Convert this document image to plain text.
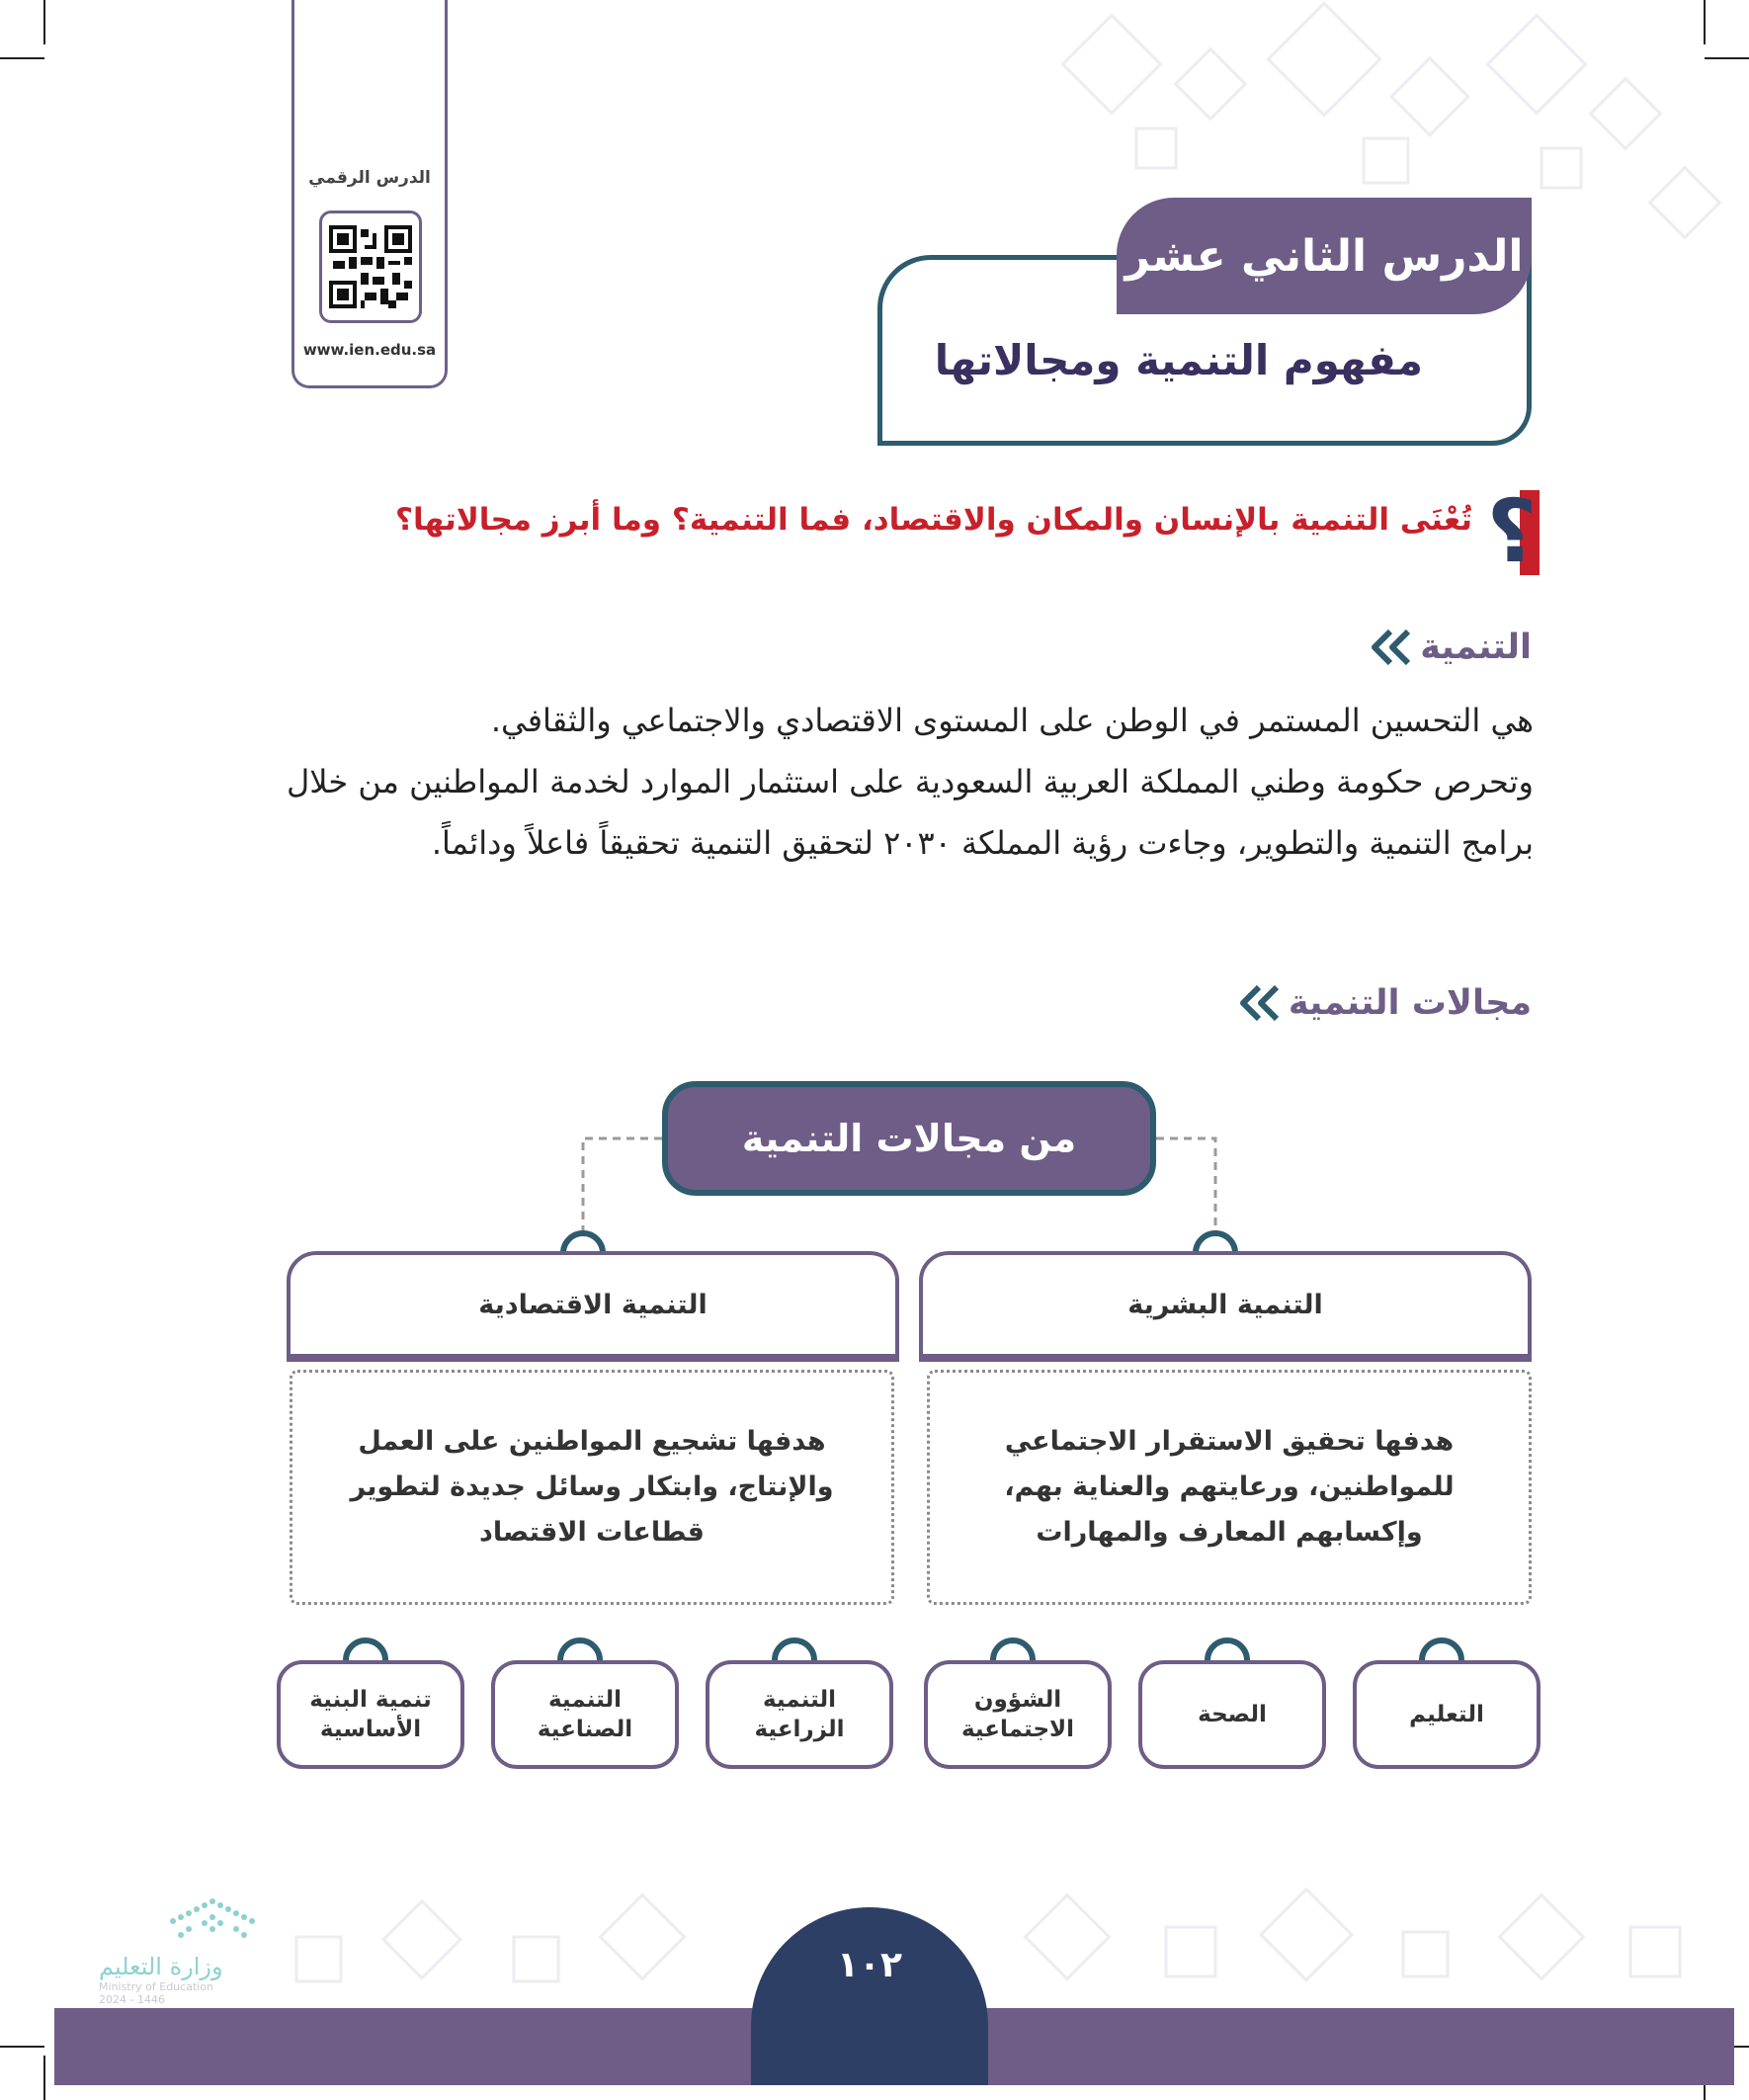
الدرس الرقمي
www.ien.edu.sa
الدرس الثاني عشر
مفهوم التنمية ومجالاتها
؟
تُعْنَى التنمية بالإنسان والمكان والاقتصاد، فما التنمية؟ وما أبرز مجالاتها؟
التنمية
هي التحسين المستمر في الوطن على المستوى الاقتصادي والاجتماعي والثقافي.
وتحرص حكومة وطني المملكة العربية السعودية على استثمار الموارد لخدمة المواطنين من خلال برامج التنمية والتطوير، وجاءت رؤية المملكة ٢٠٣٠ لتحقيق التنمية تحقيقاً فاعلاً ودائماً.
مجالات التنمية
من مجالات التنمية
التنمية الاقتصادية
هدفها تشجيع المواطنين على العمل والإنتاج، وابتكار وسائل جديدة لتطوير قطاعات الاقتصاد
التنمية البشرية
هدفها تحقيق الاستقرار الاجتماعي للمواطنين، ورعايتهم والعناية بهم، وإكسابهم المعارف والمهارات
تنمية البنية الأساسية
التنمية الصناعية
التنمية الزراعية
الشؤون الاجتماعية
الصحة	التعليم
١٠٢
وزارة التعليم
Ministry of Education
2024 - 1446
